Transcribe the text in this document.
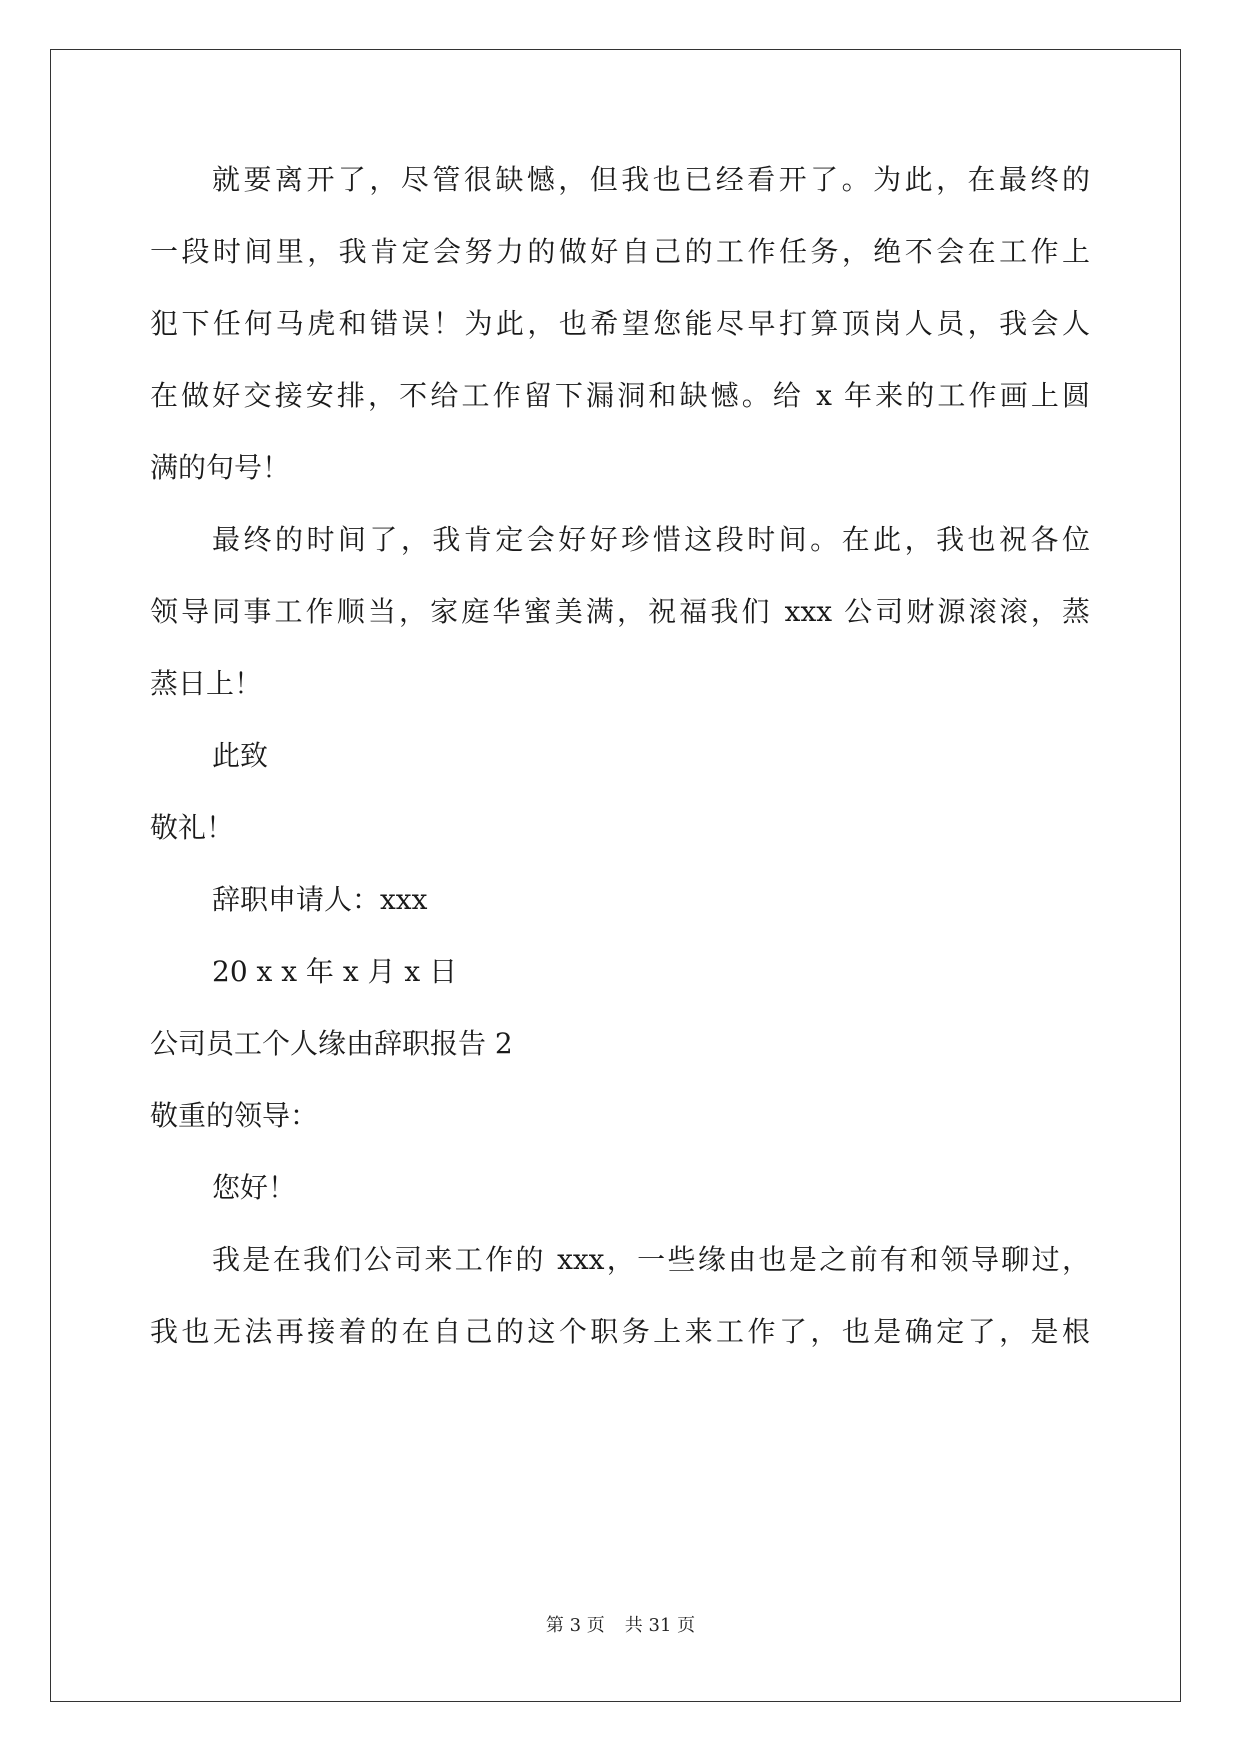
就要离开了，尽管很缺憾，但我也已经看开了。为此，在最终的
一段时间里，我肯定会努力的做好自己的工作任务，绝不会在工作上
犯下任何马虎和错误！为此，也希望您能尽早打算顶岗人员，我会人
在做好交接安排，不给工作留下漏洞和缺憾。给 x 年来的工作画上圆
满的句号！
最终的时间了，我肯定会好好珍惜这段时间。在此，我也祝各位
领导同事工作顺当，家庭华蜜美满，祝福我们 xxx 公司财源滚滚，蒸
蒸日上！
此致
敬礼！
辞职申请人：xxx
20 x x 年 x 月 x 日
公司员工个人缘由辞职报告 2
敬重的领导：
您好！
我是在我们公司来工作的 xxx，一些缘由也是之前有和领导聊过，
我也无法再接着的在自己的这个职务上来工作了，也是确定了，是根
第 3 页 共 31 页
